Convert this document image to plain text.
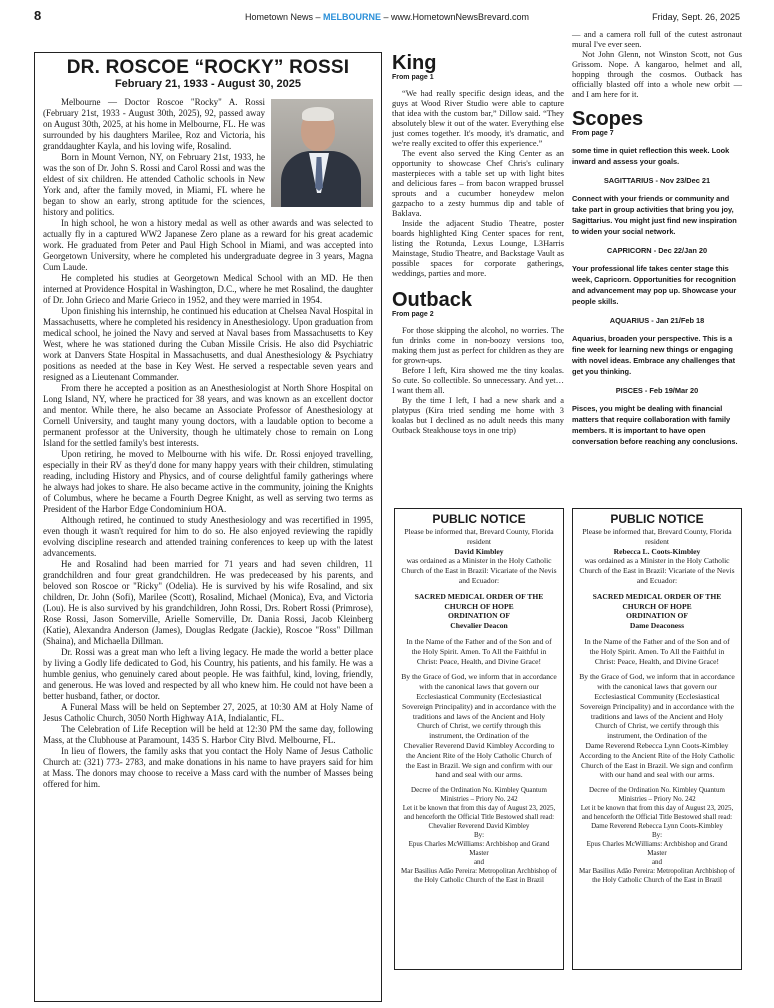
8	Hometown News – MELBOURNE – www.HometownNewsBrevard.com	Friday, Sept. 26, 2025
DR. ROSCOE “ROCKY” ROSSI
February 21, 1933 - August 30, 2025

Melbourne — Doctor Roscoe "Rocky" A. Rossi (February 21st, 1933 - August 30th, 2025), 92, passed away on August 30th, 2025, at his home in Melbourne, FL. He was surrounded by his daughters Marilee, Roz and Victoria, his granddaughter Kayla, and his loving wife, Rosalind.

Born in Mount Vernon, NY, on February 21st, 1933, he was the son of Dr. John S. Rossi and Carol Rossi and was the eldest of six children. He attended Catholic schools in New York and, after the family moved, in Miami, FL where he began to show an early, strong aptitude for the sciences, history and politics.

In high school, he won a history medal as well as other awards and was selected to actually fly in a captured WW2 Japanese Zero plane as a reward for his great academic work. He graduated from Peter and Paul High School in Miami, and was accepted into Georgetown University, where he completed his undergraduate degree in 3 years, Magna Cum Laude.

He completed his studies at Georgetown Medical School with an MD. He then interned at Providence Hospital in Washington, D.C., where he met Rosalind, the daughter of Dr. John Grieco and Marie Grieco in 1952, and they were married in 1954.

Upon finishing his internship, he continued his education at Chelsea Naval Hospital in Massachusetts, where he completed his residency in Anesthesiology. Upon graduation from medical school, he joined the Navy and served at Naval bases from Massachusetts to Key West, where he was stationed during the Cuban Missile Crisis. He also did Psychiatric work at Danvers State Hospital in Massachusetts, and dual Anesthesiology & Psychiatry positions as needed at the base in Key West. He served a respectable seven years and resigned as a Lieutenant Commander.

From there he accepted a position as an Anesthesiologist at North Shore Hospital on Long Island, NY, where he practiced for 38 years, and was known as an excellent doctor and mentor. While there, he also became an Associate Professor of Anesthesiology at Cornell University, and taught many young doctors, with a laudable option to become a permanent professor at the University, though he ultimately chose to remain on Long Island for the settled family's best interests.

Upon retiring, he moved to Melbourne with his wife. Dr. Rossi enjoyed travelling, especially in their RV as they'd done for many happy years with their children, stimulating reading, including History and Physics, and of course delightful family gatherings where he always had jokes to share. He also became active in the community, joining the Knights of Columbus, where he became a Fourth Degree Knight, as well as serving two terms as President of the Harbor Edge Condominium HOA.

Although retired, he continued to study Anesthesiology and was recertified in 1995, even though it wasn't required for him to do so. He also enjoyed reviewing the rapidly evolving discipline research and attended training conferences to keep up with the latest advancements.

He and Rosalind had been married for 71 years and had seven children, 11 grandchildren and four great grandchildren. He was predeceased by his parents, and beloved son Roscoe or "Ricky" (Odelia). He is survived by his wife Rosalind, and six children, Dr. John (Sofi), Marilee (Scott), Rosalind, Michael (Monica), Eva, and Victoria (Lou). He is also survived by his grandchildren, John Rossi, Drs. Robert Rossi (Primrose), Rose Rossi, Jason Somerville, Arielle Somerville, Dr. Dania Rossi, Jacob Kleinberg (Katie), Alexandra Anderson (James), Douglas Redgate (Jackie), Roscoe "Ross" Dillman (Shaina), and Michaella Dillman.

Dr. Rossi was a great man who left a living legacy. He made the world a better place by living a Godly life dedicated to God, his Country, his patients, and his family. He was a humble genius, who genuinely cared about people. He was faithful, kind, loving, friendly, and generous. He was loved and respected by all who knew him. He could not have been a better husband, father, or doctor.

A Funeral Mass will be held on September 27, 2025, at 10:30 AM at Holy Name of Jesus Catholic Church, 3050 North Highway A1A, Indialantic, FL.

The Celebration of Life Reception will be held at 12:30 PM the same day, following Mass, at the Clubhouse at Paramount, 1435 S. Harbor City Blvd. Melbourne, FL.

In lieu of flowers, the family asks that you contact the Holy Name of Jesus Catholic Church at: (321) 773- 2783, and make donations in his name to have prayers said for him at Mass. The donors may choose to receive a Mass card with the number of Masses being offered for him.

King
From page 1

“We had really specific design ideas, and the guys at Wood River Studio were able to capture that idea with the custom bar,” Dillow said. “They absolutely blew it out of the water. Everything else just comes together. It's moody, it's dramatic, and we're really excited to offer this experience.”

The event also served the King Center as an opportunity to showcase Chef Chris's culinary masterpieces with a table set up with light bites and delicious fares – from bacon wrapped brussel sprouts and a cucumber honeydew melon gazpacho to a zesty hummus dip and table of Baklava.

Inside the adjacent Studio Theatre, poster boards highlighted King Center spaces for rent, listing the Rotunda, Lexus Lounge, L3Harris Mainstage, Studio Theatre, and Backstage Vault as possible spaces for corporate gatherings, weddings, parties and more.

Outback
From page 2

For those skipping the alcohol, no worries. The fun drinks come in non-boozy versions too, making them just as perfect for children as they are for grown-ups.

Before I left, Kira showed me the tiny koalas. So cute. So collectible. So unnecessary. And yet… I want them all.

By the time I left, I had a new shark and a platypus (Kira tried sending me home with 3 koalas but I declined as no adult needs this many Outback Steakhouse toys in one trip)

— and a camera roll full of the cutest astronaut mural I've ever seen.

Not John Glenn, not Winston Scott, not Gus Grissom. Nope. A kangaroo, helmet and all, hopping through the cosmos. Outback has officially blasted off into a whole new orbit — and I am here for it.

Scopes
From page 7
some time in quiet reflection this week. Look inward and assess your goals.
SAGITTARIUS - Nov 23/Dec 21
Connect with your friends or community and take part in group activities that bring you joy, Sagittarius. You might just find new inspiration to widen your social network.
CAPRICORN - Dec 22/Jan 20
Your professional life takes center stage this week, Capricorn. Opportunities for recognition and advancement may pop up. Showcase your people skills.
AQUARIUS - Jan 21/Feb 18
Aquarius, broaden your perspective. This is a fine week for learning new things or engaging with novel ideas. Embrace any challenges that get you thinking.
PISCES - Feb 19/Mar 20
Pisces, you might be dealing with financial matters that require collaboration with family members. It is important to have open conversation before reaching any conclusions.
PUBLIC NOTICE
Please be informed that, Brevard County, Florida resident
David Kimbley
was ordained as a Minister in the Holy Catholic Church of the East in Brazil: Vicariate of the Nevis and Ecuador:
SACRED MEDICAL ORDER OF THE CHURCH OF HOPE
ORDINATION OF
Chevalier Deacon
In the Name of the Father and of the Son and of the Holy Spirit. Amen. To All the Faithful in Christ: Peace, Health, and Divine Grace!
By the Grace of God, we inform that in accordance with the canonical laws that govern our Ecclesiastical Community (Ecclesiastical Sovereign Principality) and in accordance with the traditions and laws of the Ancient and Holy Church of Christ, we certify through this instrument, the Ordination of the
Chevalier Reverend David Kimbley According to the Ancient Rite of the Holy Catholic Church of the East in Brazil. We sign and confirm with our hand and seal with our arms.
Decree of the Ordination No. Kimbley Quantum Ministries – Priory No. 242
Let it be known that from this day of August 23, 2025, and henceforth the Official Title Bestowed shall read:
Chevalier Reverend David Kimbley
By:
Epus Charles McWilliams: Archbishop and Grand Master
and
Mar Basilius Adão Pereira: Metropolitan Archbishop of the Holy Catholic Church of the East in Brazil
PUBLIC NOTICE
Please be informed that, Brevard County, Florida resident
Rebecca L. Coots-Kimbley
was ordained as a Minister in the Holy Catholic Church of the East in Brazil: Vicariate of the Nevis and Ecuador:
SACRED MEDICAL ORDER OF THE CHURCH OF HOPE
ORDINATION OF
Dame Deaconess
In the Name of the Father and of the Son and of the Holy Spirit. Amen. To All the Faithful in Christ: Peace, Health, and Divine Grace!
By the Grace of God, we inform that in accordance with the canonical laws that govern our Ecclesiastical Community (Ecclesiastical Sovereign Principality) and in accordance with the traditions and laws of the Ancient and Holy Church of Christ, we certify through this instrument, the Ordination of the
Dame Reverend Rebecca Lynn Coots-Kimbley According to the Ancient Rite of the Holy Catholic Church of the East in Brazil. We sign and confirm with our hand and seal with our arms.
Decree of the Ordination No. Kimbley Quantum Ministries – Priory No. 242
Let it be known that from this day of August 23, 2025, and henceforth the Official Title Bestowed shall read:
Dame Reverend Rebecca Lynn Coots-Kimbley
By:
Epus Charles McWilliams: Archbishop and Grand Master
and
Mar Basilius Adão Pereira: Metropolitan Archbishop of the Holy Catholic Church of the East in Brazil
